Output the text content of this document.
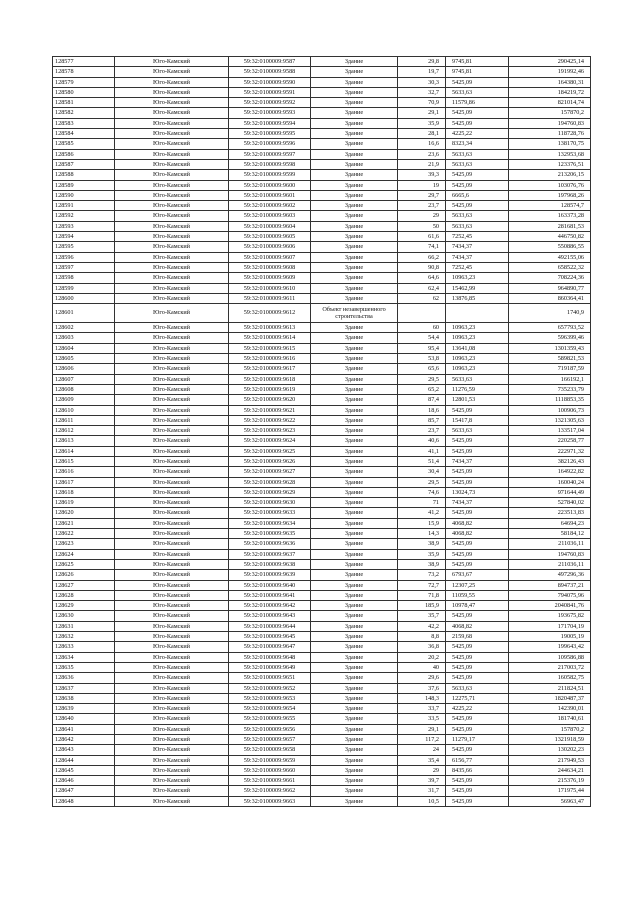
128577	Юго-Камский	59:32:0100009:9587	Здание	29,8	9745,81	290425,14
128578	Юго-Камский	59:32:0100009:9588	Здание	19,7	9745,81	191992,46
128579	Юго-Камский	59:32:0100009:9590	Здание	30,3	5425,09	164380,31
128580	Юго-Камский	59:32:0100009:9591	Здание	32,7	5633,63	184219,72
128581	Юго-Камский	59:32:0100009:9592	Здание	70,9	11579,86	821014,74
128582	Юго-Камский	59:32:0100009:9593	Здание	29,1	5425,09	157870,2
128583	Юго-Камский	59:32:0100009:9594	Здание	35,9	5425,09	194760,83
128584	Юго-Камский	59:32:0100009:9595	Здание	28,1	4225,22	118728,76
128585	Юго-Камский	59:32:0100009:9596	Здание	16,6	8323,34	138170,75
128586	Юго-Камский	59:32:0100009:9597	Здание	23,6	5633,63	132953,68
128587	Юго-Камский	59:32:0100009:9598	Здание	21,9	5633,63	123376,51
128588	Юго-Камский	59:32:0100009:9599	Здание	39,3	5425,09	213206,15
128589	Юго-Камский	59:32:0100009:9600	Здание	19	5425,09	103076,76
128590	Юго-Камский	59:32:0100009:9601	Здание	29,7	6665,6	197968,26
128591	Юго-Камский	59:32:0100009:9602	Здание	23,7	5425,09	128574,7
128592	Юго-Камский	59:32:0100009:9603	Здание	29	5633,63	163373,28
128593	Юго-Камский	59:32:0100009:9604	Здание	50	5633,63	281681,53
128594	Юго-Камский	59:32:0100009:9605	Здание	61,6	7252,45	446750,82
128595	Юго-Камский	59:32:0100009:9606	Здание	74,1	7434,37	550886,55
128596	Юго-Камский	59:32:0100009:9607	Здание	66,2	7434,37	492155,06
128597	Юго-Камский	59:32:0100009:9608	Здание	90,8	7252,45	658522,32
128598	Юго-Камский	59:32:0100009:9609	Здание	64,6	10963,23	708224,36
128599	Юго-Камский	59:32:0100009:9610	Здание	62,4	15462,99	964890,77
128600	Юго-Камский	59:32:0100009:9611	Здание	62	13876,85	860364,41
128601	Юго-Камский	59:32:0100009:9612	Объект незавершенного строительства			1740,9
128602	Юго-Камский	59:32:0100009:9613	Здание	60	10963,23	657793,52
128603	Юго-Камский	59:32:0100009:9614	Здание	54,4	10963,23	596399,46
128604	Юго-Камский	59:32:0100009:9615	Здание	95,4	13641,08	1301359,43
128605	Юго-Камский	59:32:0100009:9616	Здание	53,8	10963,23	589821,53
128606	Юго-Камский	59:32:0100009:9617	Здание	65,6	10963,23	719187,59
128607	Юго-Камский	59:32:0100009:9618	Здание	29,5	5633,63	166192,1
128608	Юго-Камский	59:32:0100009:9619	Здание	65,2	11276,59	735233,79
128609	Юго-Камский	59:32:0100009:9620	Здание	87,4	12801,53	1118853,35
128610	Юго-Камский	59:32:0100009:9621	Здание	18,6	5425,09	100906,73
128611	Юго-Камский	59:32:0100009:9622	Здание	85,7	15417,8	1321305,63
128612	Юго-Камский	59:32:0100009:9623	Здание	23,7	5633,63	133517,04
128613	Юго-Камский	59:32:0100009:9624	Здание	40,6	5425,09	220258,77
128614	Юго-Камский	59:32:0100009:9625	Здание	41,1	5425,09	222971,32
128615	Юго-Камский	59:32:0100009:9626	Здание	51,4	7434,37	382126,43
128616	Юго-Камский	59:32:0100009:9627	Здание	30,4	5425,09	164922,82
128617	Юго-Камский	59:32:0100009:9628	Здание	29,5	5425,09	160040,24
128618	Юго-Камский	59:32:0100009:9629	Здание	74,6	13024,73	971644,49
128619	Юго-Камский	59:32:0100009:9630	Здание	71	7434,37	527840,02
128620	Юго-Камский	59:32:0100009:9633	Здание	41,2	5425,09	223513,83
128621	Юго-Камский	59:32:0100009:9634	Здание	15,9	4068,82	64694,23
128622	Юго-Камский	59:32:0100009:9635	Здание	14,3	4068,82	58184,12
128623	Юго-Камский	59:32:0100009:9636	Здание	38,9	5425,09	211036,11
128624	Юго-Камский	59:32:0100009:9637	Здание	35,9	5425,09	194760,83
128625	Юго-Камский	59:32:0100009:9638	Здание	38,9	5425,09	211036,11
128626	Юго-Камский	59:32:0100009:9639	Здание	73,2	6793,67	497296,36
128627	Юго-Камский	59:32:0100009:9640	Здание	72,7	12307,25	894737,21
128628	Юго-Камский	59:32:0100009:9641	Здание	71,8	11059,55	794075,96
128629	Юго-Камский	59:32:0100009:9642	Здание	185,9	10978,47	2040841,76
128630	Юго-Камский	59:32:0100009:9643	Здание	35,7	5425,09	193675,82
128631	Юго-Камский	59:32:0100009:9644	Здание	42,2	4068,82	171704,19
128632	Юго-Камский	59:32:0100009:9645	Здание	8,8	2159,68	19005,19
128633	Юго-Камский	59:32:0100009:9647	Здание	36,8	5425,09	199643,42
128634	Юго-Камский	59:32:0100009:9648	Здание	20,2	5425,09	109586,88
128635	Юго-Камский	59:32:0100009:9649	Здание	40	5425,09	217003,72
128636	Юго-Камский	59:32:0100009:9651	Здание	29,6	5425,09	160582,75
128637	Юго-Камский	59:32:0100009:9652	Здание	37,6	5633,63	211824,51
128638	Юго-Камский	59:32:0100009:9653	Здание	148,3	12275,71	1820487,37
128639	Юго-Камский	59:32:0100009:9654	Здание	33,7	4225,22	142390,01
128640	Юго-Камский	59:32:0100009:9655	Здание	33,5	5425,09	181740,61
128641	Юго-Камский	59:32:0100009:9656	Здание	29,1	5425,09	157870,2
128642	Юго-Камский	59:32:0100009:9657	Здание	117,2	11279,17	1321918,59
128643	Юго-Камский	59:32:0100009:9658	Здание	24	5425,09	130202,23
128644	Юго-Камский	59:32:0100009:9659	Здание	35,4	6156,77	217949,53
128645	Юго-Камский	59:32:0100009:9660	Здание	29	8435,66	244634,21
128646	Юго-Камский	59:32:0100009:9661	Здание	39,7	5425,09	215376,19
128647	Юго-Камский	59:32:0100009:9662	Здание	31,7	5425,09	171975,44
128648	Юго-Камский	59:32:0100009:9663	Здание	10,5	5425,09	56963,47
